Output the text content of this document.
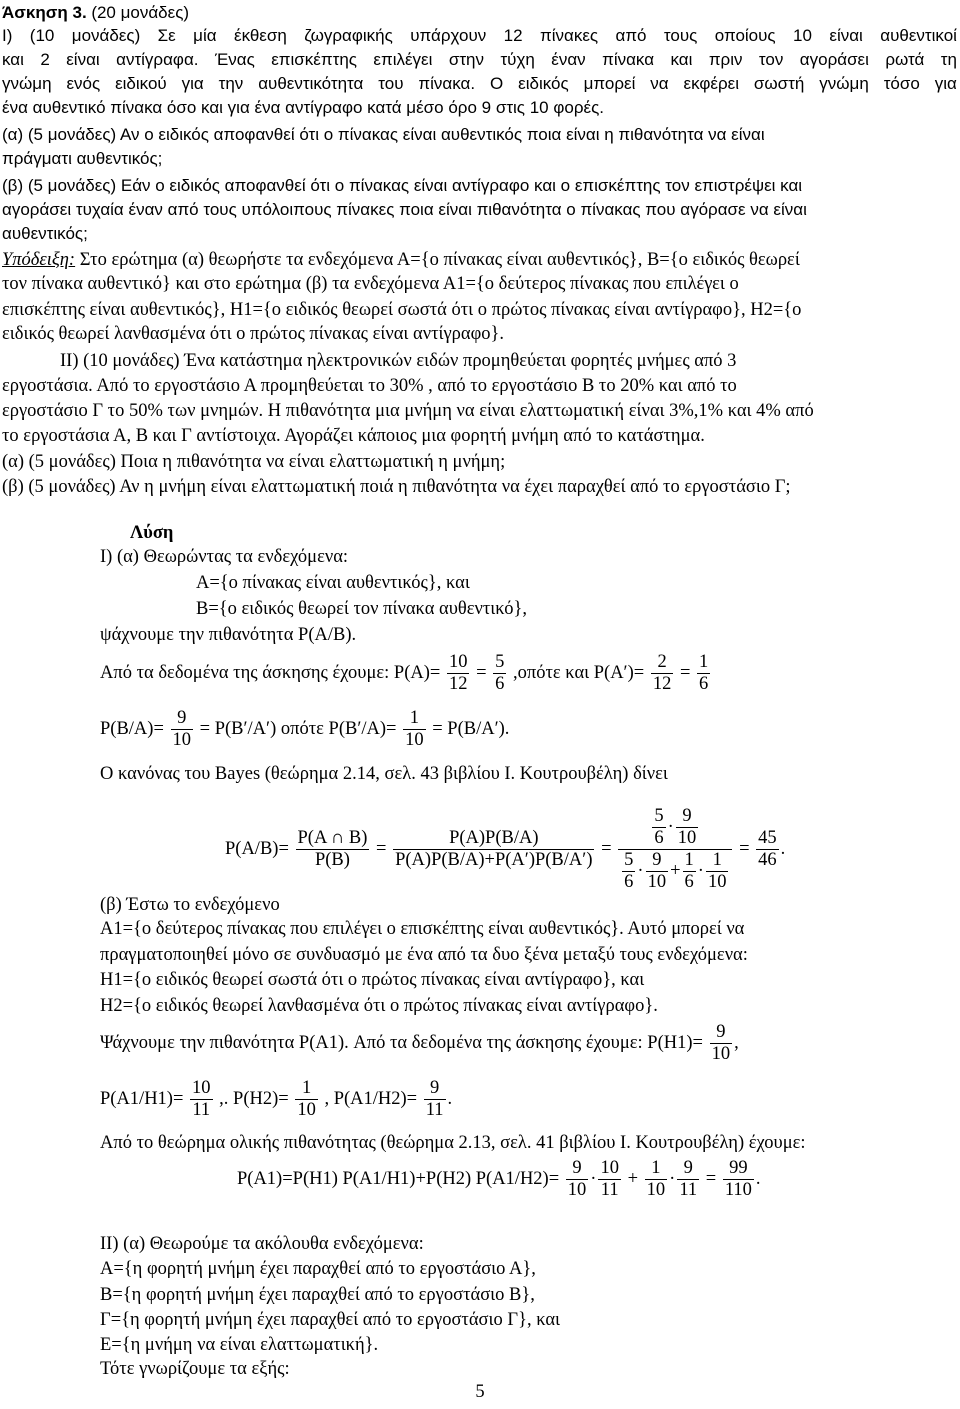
Άσκηση 3. (20 μονάδες)
I) (10 μονάδες) Σε μία έκθεση ζωγραφικής υπάρχουν 12 πίνακες από τους οποίους 10 είναι αυθεντικοί
και 2 είναι αντίγραφα. Ένας επισκέπτης επιλέγει στην τύχη έναν πίνακα και πριν τον αγοράσει ρωτά τη
γνώμη ενός ειδικού για την αυθεντικότητα του πίνακα. Ο ειδικός μπορεί να εκφέρει σωστή γνώμη τόσο για
ένα αυθεντικό πίνακα όσο και για ένα αντίγραφο κατά μέσο όρο 9 στις 10 φορές.
(α) (5 μονάδες) Αν ο ειδικός αποφανθεί ότι ο πίνακας είναι αυθεντικός ποια είναι η πιθανότητα να είναι
πράγματι αυθεντικός;
(β) (5 μονάδες) Εάν ο ειδικός αποφανθεί ότι ο πίνακας είναι αντίγραφο και ο επισκέπτης τον επιστρέψει και
αγοράσει τυχαία έναν από τους υπόλοιπους πίνακες ποια είναι πιθανότητα ο πίνακας που αγόρασε να είναι
αυθεντικός;
Υπόδειξη: Στο ερώτημα (α) θεωρήστε τα ενδεχόμενα Α={ο πίνακας είναι αυθεντικός}, Β={ο ειδικός θεωρεί
τον πίνακα αυθεντικό} και στο ερώτημα (β) τα ενδεχόμενα Α1={ο δεύτερος πίνακας που επιλέγει ο
επισκέπτης είναι αυθεντικός}, Η1={ο ειδικός θεωρεί σωστά ότι ο πρώτος πίνακας είναι αντίγραφο}, Η2={ο
ειδικός θεωρεί λανθασμένα ότι ο πρώτος πίνακας είναι αντίγραφο}.
ΙΙ) (10 μονάδες) Ένα κατάστημα ηλεκτρονικών ειδών προμηθεύεται φορητές μνήμες από 3
εργοστάσια. Από το εργοστάσιο Α προμηθεύεται το 30% , από το εργοστάσιο Β το 20% και από το
εργοστάσιο Γ το 50% των μνημών. Η πιθανότητα μια μνήμη να είναι ελαττωματική είναι 3%,1% και 4% από
το εργοστάσια Α, Β και Γ αντίστοιχα. Αγοράζει κάποιος μια φορητή μνήμη από το κατάστημα.
(α) (5 μονάδες) Ποια η πιθανότητα να είναι ελαττωματική η μνήμη;
(β) (5 μονάδες) Αν η μνήμη είναι ελαττωματική ποιά η πιθανότητα να έχει παραχθεί από το εργοστάσιο Γ;
Λύση
Ι) (α) Θεωρώντας τα ενδεχόμενα:
A={ο πίνακας είναι αυθεντικός}, και
B={ο ειδικός θεωρεί τον πίνακα αυθεντικό},
ψάχνουμε την πιθανότητα P(A/B).
Από τα δεδομένα της άσκησης έχουμε: $P(A)= \frac{10}{12} = \frac{5}{6} ,o\pi ό\tau\varepsilon$ και $P(A')= \frac{2}{12} = \frac{1}{6}$
$P(B/A)= \frac{9}{10} = P(B'/A')$ οπότε $P(B'/A)= \frac{1}{10} = P(B/A')$.
Ο κανόνας του Bayes (θεώρημα 2.14, σελ. 43 βιβλίου Ι. Κουτρουβέλη) δίνει
$P(A/B)= \frac{P(A \cap B)}{P(B)} = \frac{P(A)P(B/A)}{P(A)P(B/A)+P(A')P(B/A')} = \frac{\frac{5}{6} \cdot \frac{9}{10}}{\frac{5}{6} \cdot \frac{9}{10} + \frac{1}{6} \cdot \frac{1}{10}} = \frac{45}{46}$ .
(β) Έστω το ενδεχόμενο
Α1={ο δεύτερος πίνακας που επιλέγει ο επισκέπτης είναι αυθεντικός}. Αυτό μπορεί να
πραγματοποιηθεί μόνο σε συνδυασμό με ένα από τα δυο ξένα μεταξύ τους ενδεχόμενα:
Η1={ο ειδικός θεωρεί σωστά ότι ο πρώτος πίνακας είναι αντίγραφο}, και
Η2={ο ειδικός θεωρεί λανθασμένα ότι ο πρώτος πίνακας είναι αντίγραφο}.
Ψάχνουμε την πιθανότητα P(A1). Από τα δεδομένα της άσκησης έχουμε: $P(H1)= \frac{9}{10}$ ,
$P(A1/H1)= \frac{10}{11}$ ,. $P(H2)= \frac{1}{10}$ , $P(A1/H2)= \frac{9}{11}$ .
Από το θεώρημα ολικής πιθανότητας (θεώρημα 2.13, σελ. 41 βιβλίου Ι. Κουτρουβέλη) έχουμε:
P(A1)=P(H1) P(A1/H1)+P(H2) $P(A1/H2)= \frac{9}{10} \cdot \frac{10}{11} + \frac{1}{10} \cdot \frac{9}{11} = \frac{99}{110}$ .
ΙΙ) (α) Θεωρούμε τα ακόλουθα ενδεχόμενα:
Α={η φορητή μνήμη έχει παραχθεί από το εργοστάσιο Α},
Β={η φορητή μνήμη έχει παραχθεί από το εργοστάσιο Β},
Γ={η φορητή μνήμη έχει παραχθεί από το εργοστάσιο Γ}, και
Ε={η μνήμη να είναι ελαττωματική}.
Τότε γνωρίζουμε τα εξής:
5
